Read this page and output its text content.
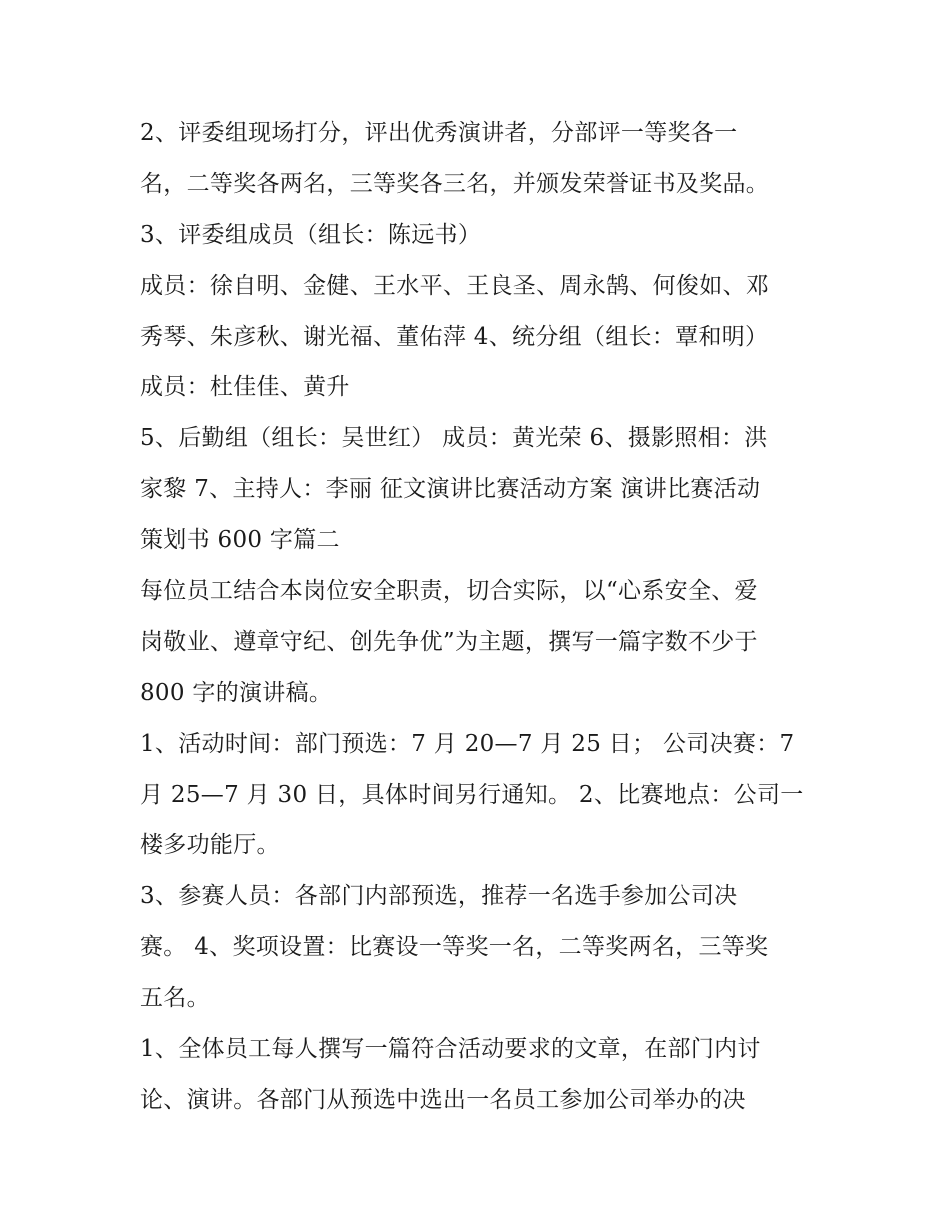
2、评委组现场打分，评出优秀演讲者，分部评一等奖各一
名，二等奖各两名，三等奖各三名，并颁发荣誉证书及奖品。
3、评委组成员（组长：陈远书）
成员：徐自明、金健、王水平、王良圣、周永鹄、何俊如、邓
秀琴、朱彦秋、谢光福、董佑萍 4、统分组（组长：覃和明）
成员：杜佳佳、黄升
5、后勤组（组长：吴世红） 成员：黄光荣 6、摄影照相：洪
家黎 7、主持人：李丽 征文演讲比赛活动方案 演讲比赛活动
策划书 600 字篇二
每位员工结合本岗位安全职责，切合实际，以“心系安全、爱
岗敬业、遵章守纪、创先争优”为主题，撰写一篇字数不少于
800 字的演讲稿。
1、活动时间：部门预选：7 月 20—7 月 25 日； 公司决赛：7
月 25—7 月 30 日，具体时间另行通知。 2、比赛地点：公司一
楼多功能厅。
3、参赛人员：各部门内部预选，推荐一名选手参加公司决
赛。 4、奖项设置：比赛设一等奖一名，二等奖两名，三等奖
五名。
1、全体员工每人撰写一篇符合活动要求的文章，在部门内讨
论、演讲。各部门从预选中选出一名员工参加公司举办的决
